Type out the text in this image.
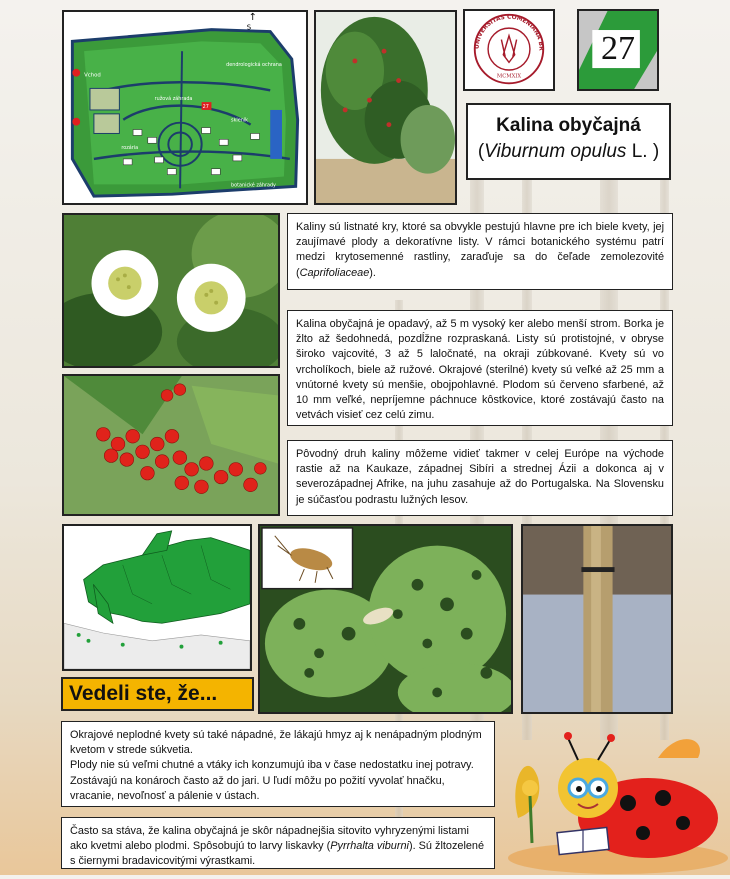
↑
S
Vchod
ružová záhrada
dendrologická ochrana
botanické záhrady
skleník
rozária
27
UNIVERSITAS COMENIANA BR
MCMXIX
27
Kalina obyčajná
(Viburnum opulus L. )

Kaliny sú listnaté kry, ktoré sa obvykle pestujú hlavne pre ich biele kvety, jej zaujímavé plody a dekoratívne listy. V rámci botanického systému patrí medzi krytosemenné rastliny, zaraďuje sa do čeľade zemolezovité (Caprifoliaceae).

Kalina obyčajná je opadavý, až 5 m vysoký ker alebo menší strom. Borka je žlto až šedohnedá, pozdĺžne rozpraskaná. Listy sú protistojné, v obryse široko vajcovité, 3 až 5 laločnaté, na okraji zúbkované. Kvety sú vo vrcholíkoch, biele až ružové. Okrajové (sterilné) kvety sú veľké až 25 mm a vnútorné kvety sú menšie, obojpohlavné. Plodom sú červeno sfarbené, až 10 mm veľké, nepríjemne páchnuce kôstkovice, ktoré zostávajú často na vetvách visieť cez celú zimu.

Pôvodný druh kaliny môžeme vidieť takmer v celej Európe na východe rastie až na Kaukaze, západnej Sibíri a strednej Ázii a dokonca aj v severozápadnej Afrike, na juhu zasahuje až do Portugalska. Na Slovensku je súčasťou podrastu lužných lesov.

Vedeli ste, že...

Okrajové neplodné kvety sú také nápadné, že lákajú hmyz aj k nenápadným plodným kvetom v strede súkvetia.

Plody nie sú veľmi chutné a vtáky ich konzumujú iba v čase nedostatku inej potravy. Zostávajú na konároch často až do jari. U ľudí môžu po požití vyvolať hnačku, vracanie, nevoľnosť a pálenie v ústach.

Často sa stáva, že kalina obyčajná je skôr nápadnejšia sitovito vyhryzenými listami ako kvetmi alebo plodmi. Spôsobujú to larvy liskavky (Pyrrhalta viburni). Sú žltozelené s čiernymi bradavicovitými výrastkami.
